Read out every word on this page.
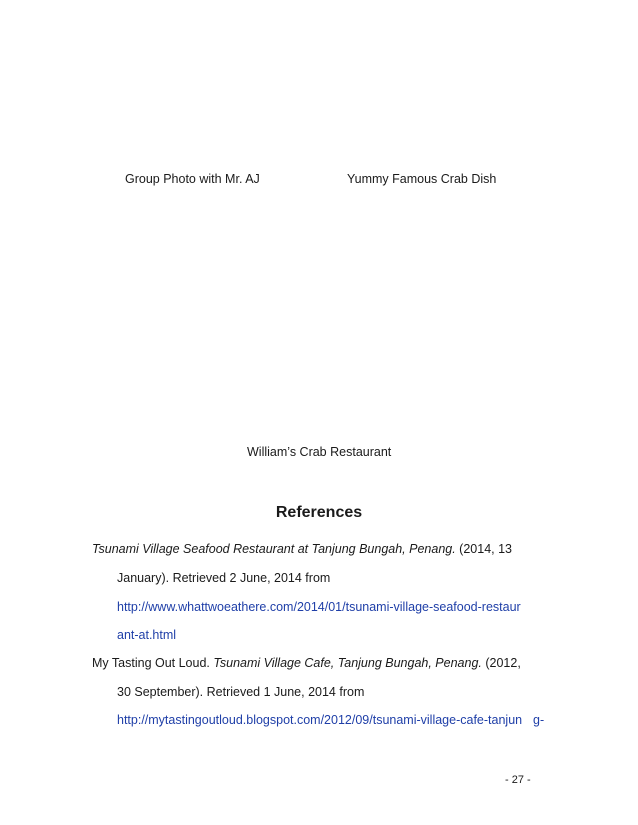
Group Photo with Mr. AJ	Yummy Famous Crab Dish
William’s Crab Restaurant
References
Tsunami Village Seafood Restaurant at Tanjung Bungah, Penang. (2014, 13
January). Retrieved 2 June, 2014 from
http://www.whattwoeathere.com/2014/01/tsunami-village-seafood-restaur
ant-at.html
My Tasting Out Loud. Tsunami Village Cafe, Tanjung Bungah, Penang. (2012,
30 September). Retrieved 1 June, 2014 from
http://mytastingoutloud.blogspot.com/2012/09/tsunami-village-cafe-tanjun g-
- 27 -
